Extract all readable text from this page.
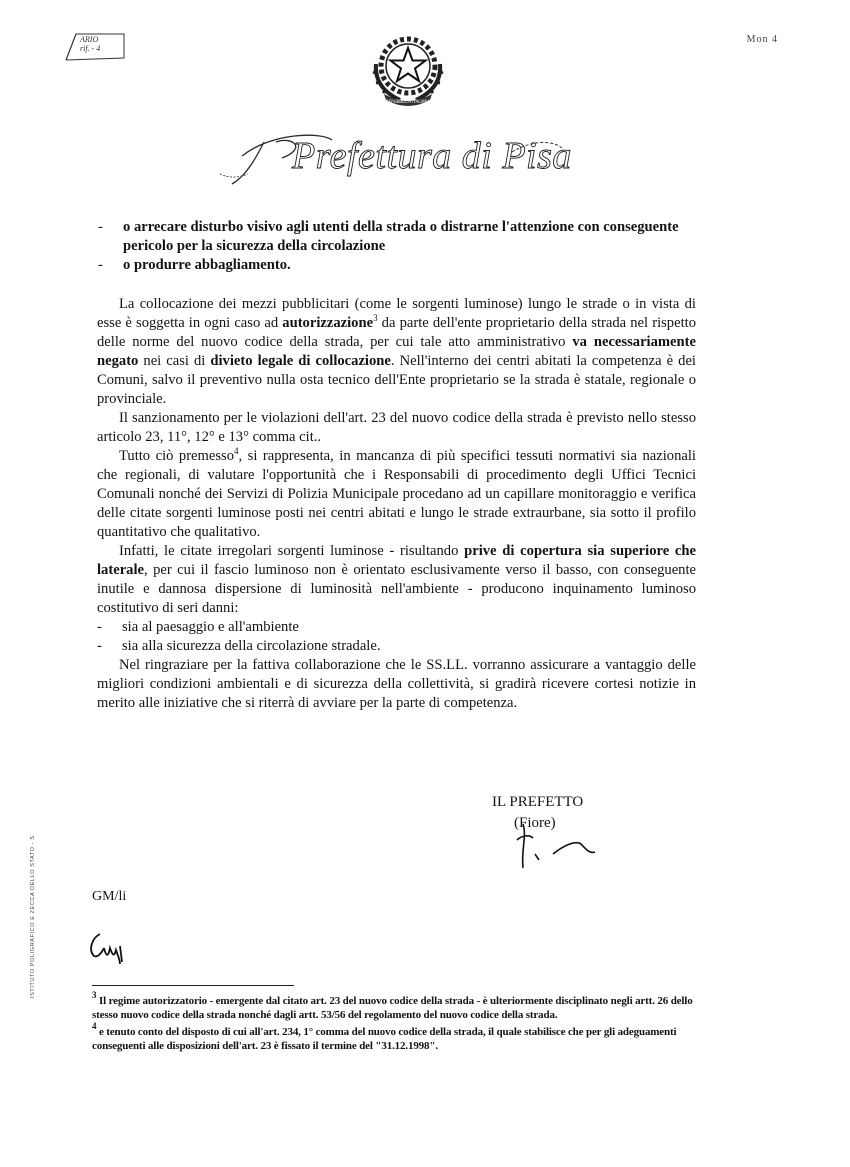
ARIO
rif. - 4
Mon 4
REPUBBLICA ITALIANA
Prefettura di Pisa
-	o arrecare disturbo visivo agli utenti della strada o distrarne l'attenzione con conseguente pericolo per la sicurezza della circolazione
-	o produrre abbagliamento.

La collocazione dei mezzi pubblicitari (come le sorgenti luminose) lungo le strade o in vista di esse è soggetta in ogni caso ad autorizzazione$^3$ da parte dell'ente proprietario della strada nel rispetto delle norme del nuovo codice della strada, per cui tale atto amministrativo va necessariamente negato nei casi di divieto legale di collocazione. Nell'interno dei centri abitati la competenza è dei Comuni, salvo il preventivo nulla osta tecnico dell'Ente proprietario se la strada è statale, regionale o provinciale.

Il sanzionamento per le violazioni dell'art. 23 del nuovo codice della strada è previsto nello stesso articolo 23, 11°, 12° e 13° comma cit..

Tutto ciò premesso$^4$, si rappresenta, in mancanza di più specifici tessuti normativi sia nazionali che regionali, di valutare l'opportunità che i Responsabili di procedimento degli Uffici Tecnici Comunali nonché dei Servizi di Polizia Municipale procedano ad un capillare monitoraggio e verifica delle citate sorgenti luminose posti nei centri abitati e lungo le strade extraurbane, sia sotto il profilo quantitativo che qualitativo.

Infatti, le citate irregolari sorgenti luminose - risultando prive di copertura sia superiore che laterale, per cui il fascio luminoso non è orientato esclusivamente verso il basso, con conseguente inutile e dannosa dispersione di luminosità nell'ambiente - producono inquinamento luminoso costitutivo di seri danni:

-	sia al paesaggio e all'ambiente
-	sia alla sicurezza della circolazione stradale.

Nel ringraziare per la fattiva collaborazione che le SS.LL. vorranno assicurare a vantaggio delle migliori condizioni ambientali e di sicurezza della collettività, si gradirà ricevere cortesi notizie in merito alle iniziative che si riterrà di avviare per la parte di competenza.

IL PREFETTO
(Fiore)
GM/li
ISTITUTO POLIGRAFICO E ZECCA DELLO STATO - S	$^3$ Il regime autorizzatorio - emergente dal citato art. 23 del nuovo codice della strada - è ulteriormente disciplinato negli artt. 26 dello stesso nuovo codice della strada nonché dagli artt. 53/56 del regolamento del nuovo codice della strada.

$^4$ e tenuto conto del disposto di cui all'art. 234, 1° comma del nuovo codice della strada, il quale stabilisce che per gli adeguamenti conseguenti alle disposizioni dell'art. 23 è fissato il termine del "31.12.1998".
